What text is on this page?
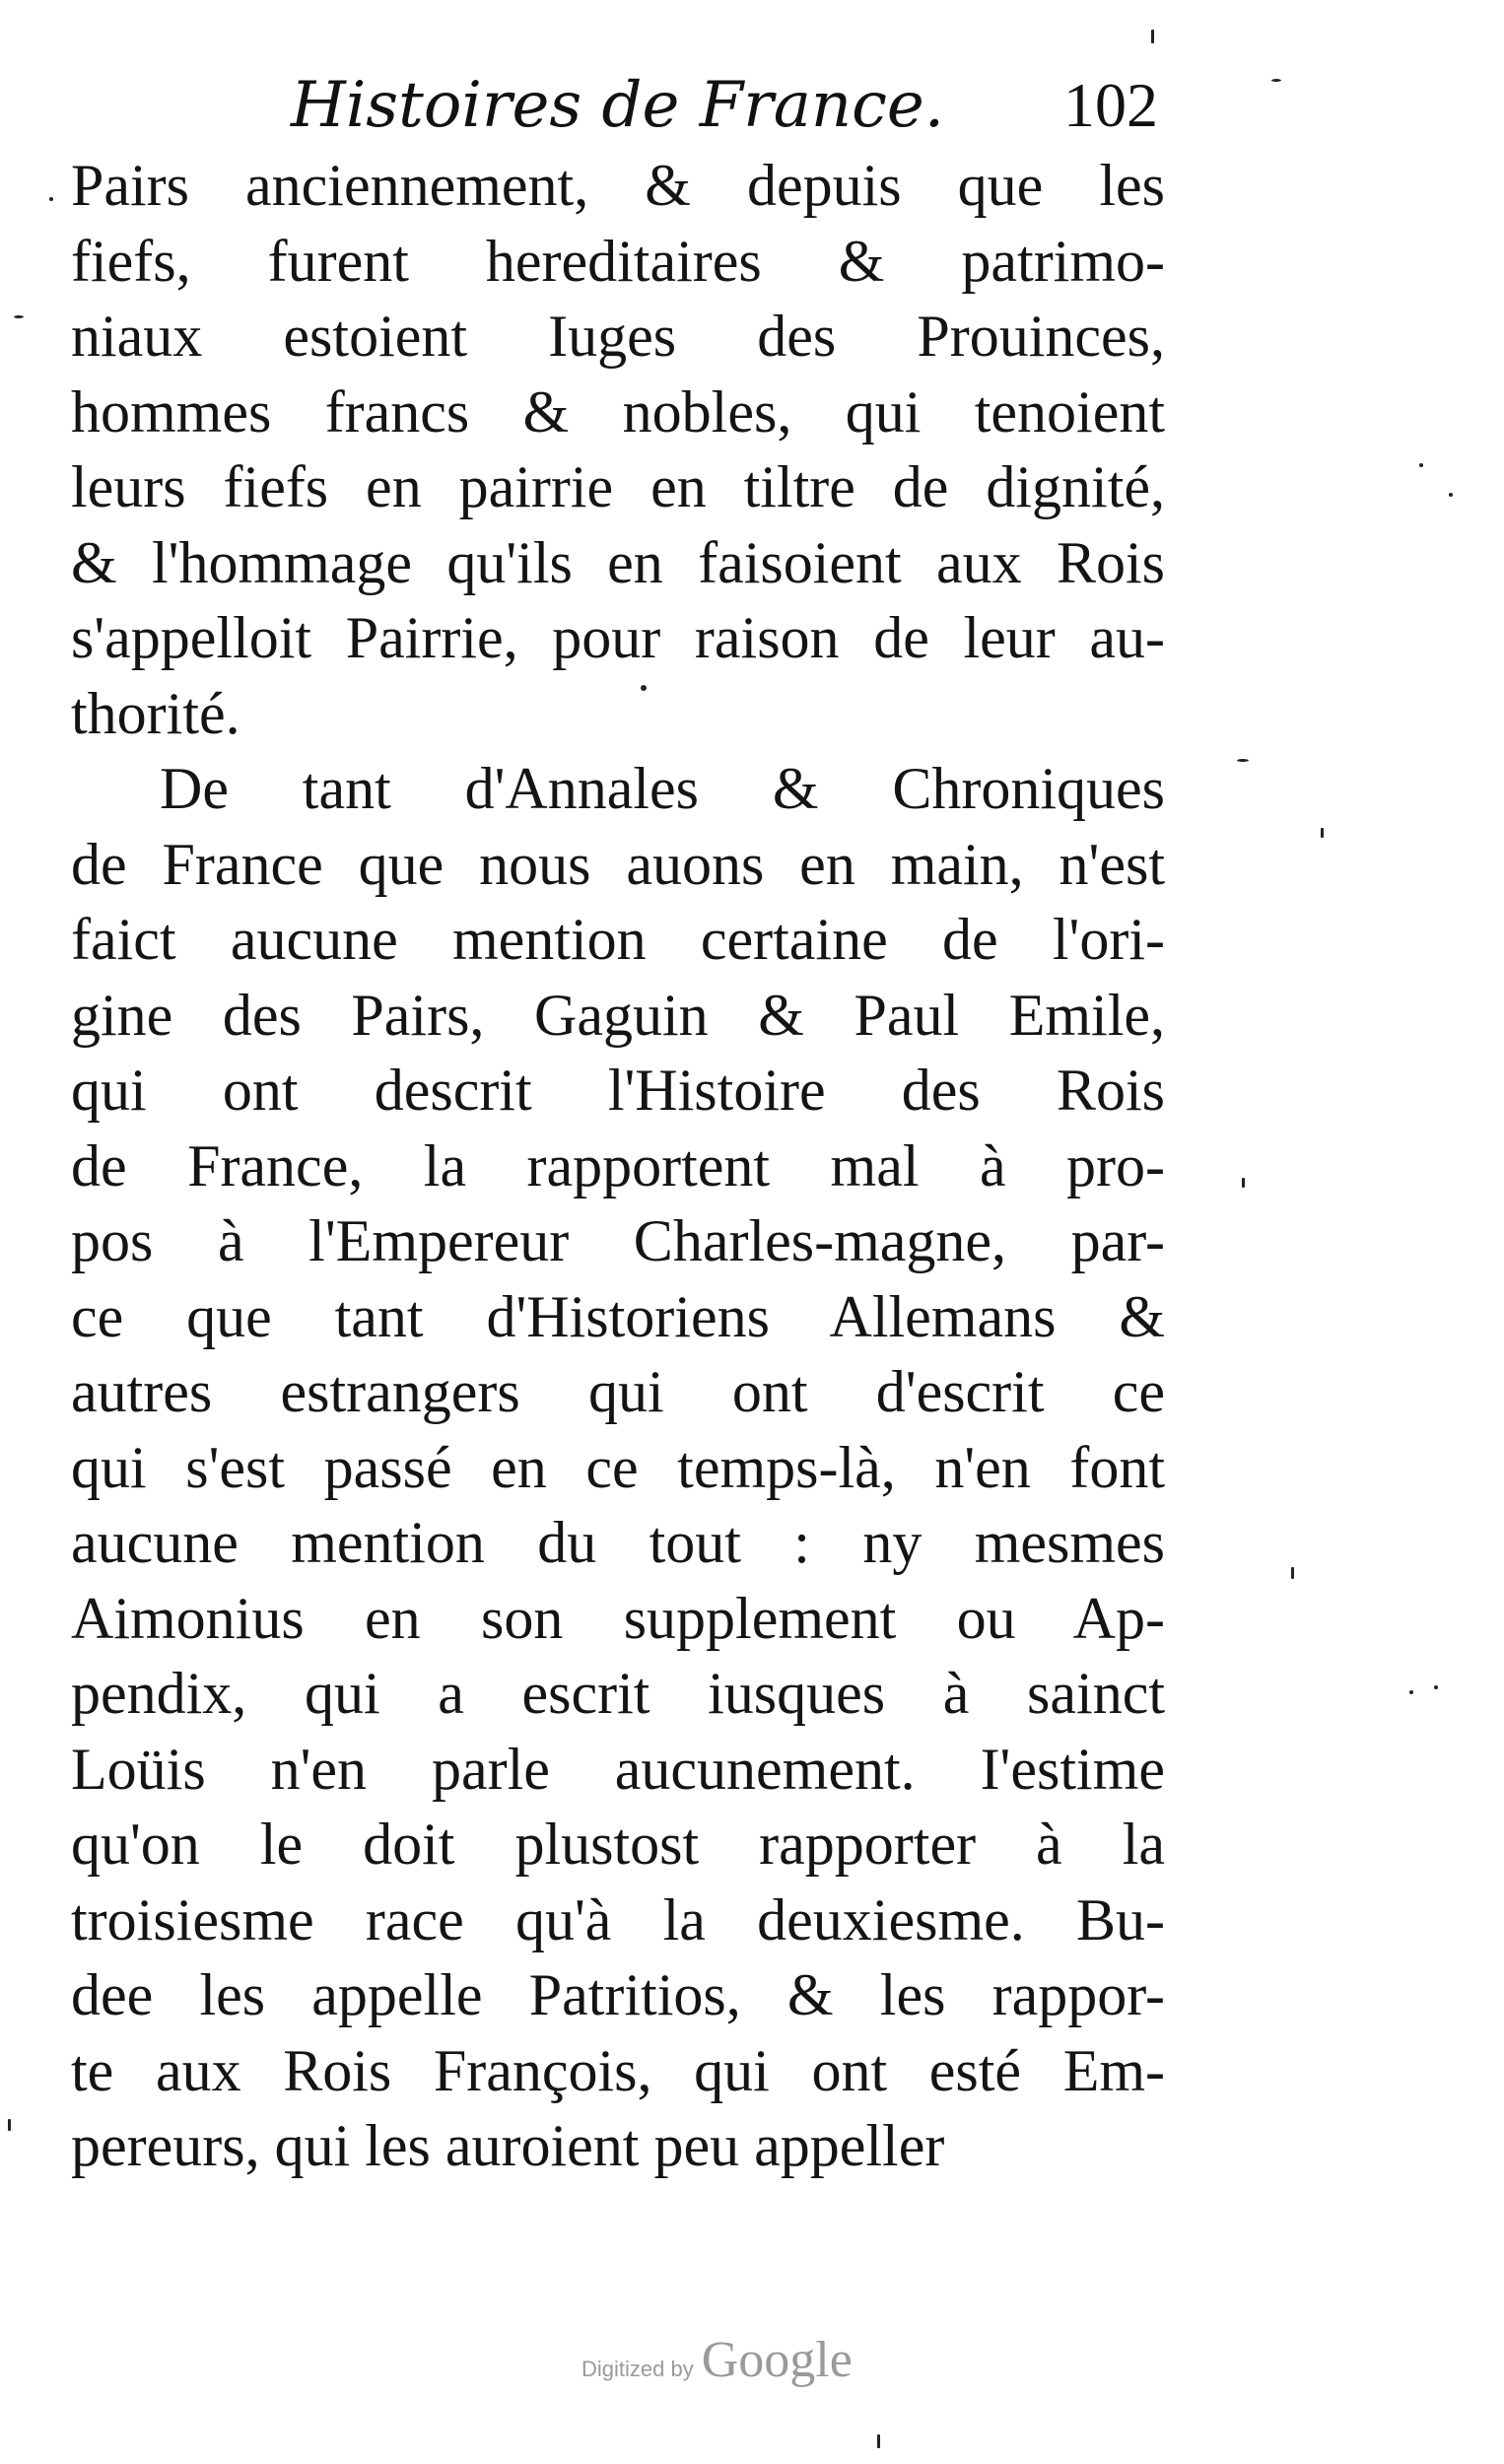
Histoires de France. 102
Pairs anciennement, & depuis que les
fiefs, furent hereditaires & patrimo-
niaux estoient Iuges des Prouinces,
hommes francs & nobles, qui tenoient
leurs fiefs en pairrie en tiltre de dignité,
& l'hommage qu'ils en faisoient aux Rois
s'appelloit Pairrie, pour raison de leur au-
thorité.
De tant d'Annales & Chroniques
de France que nous auons en main, n'est
faict aucune mention certaine de l'ori-
gine des Pairs, Gaguin & Paul Emile,
qui ont descrit l'Histoire des Rois
de France, la rapportent mal à pro-
pos à l'Empereur Charles-magne, par-
ce que tant d'Historiens Allemans &
autres estrangers qui ont d'escrit ce
qui s'est passé en ce temps-là, n'en font
aucune mention du tout : ny mesmes
Aimonius en son supplement ou Ap-
pendix, qui a escrit iusques à sainct
Loüis n'en parle aucunement. I'estime
qu'on le doit plustost rapporter à la
troisiesme race qu'à la deuxiesme. Bu-
dee les appelle Patritios, & les rappor-
te aux Rois François, qui ont esté Em-
pereurs, qui les auroient peu appeller
Digitized by Google
